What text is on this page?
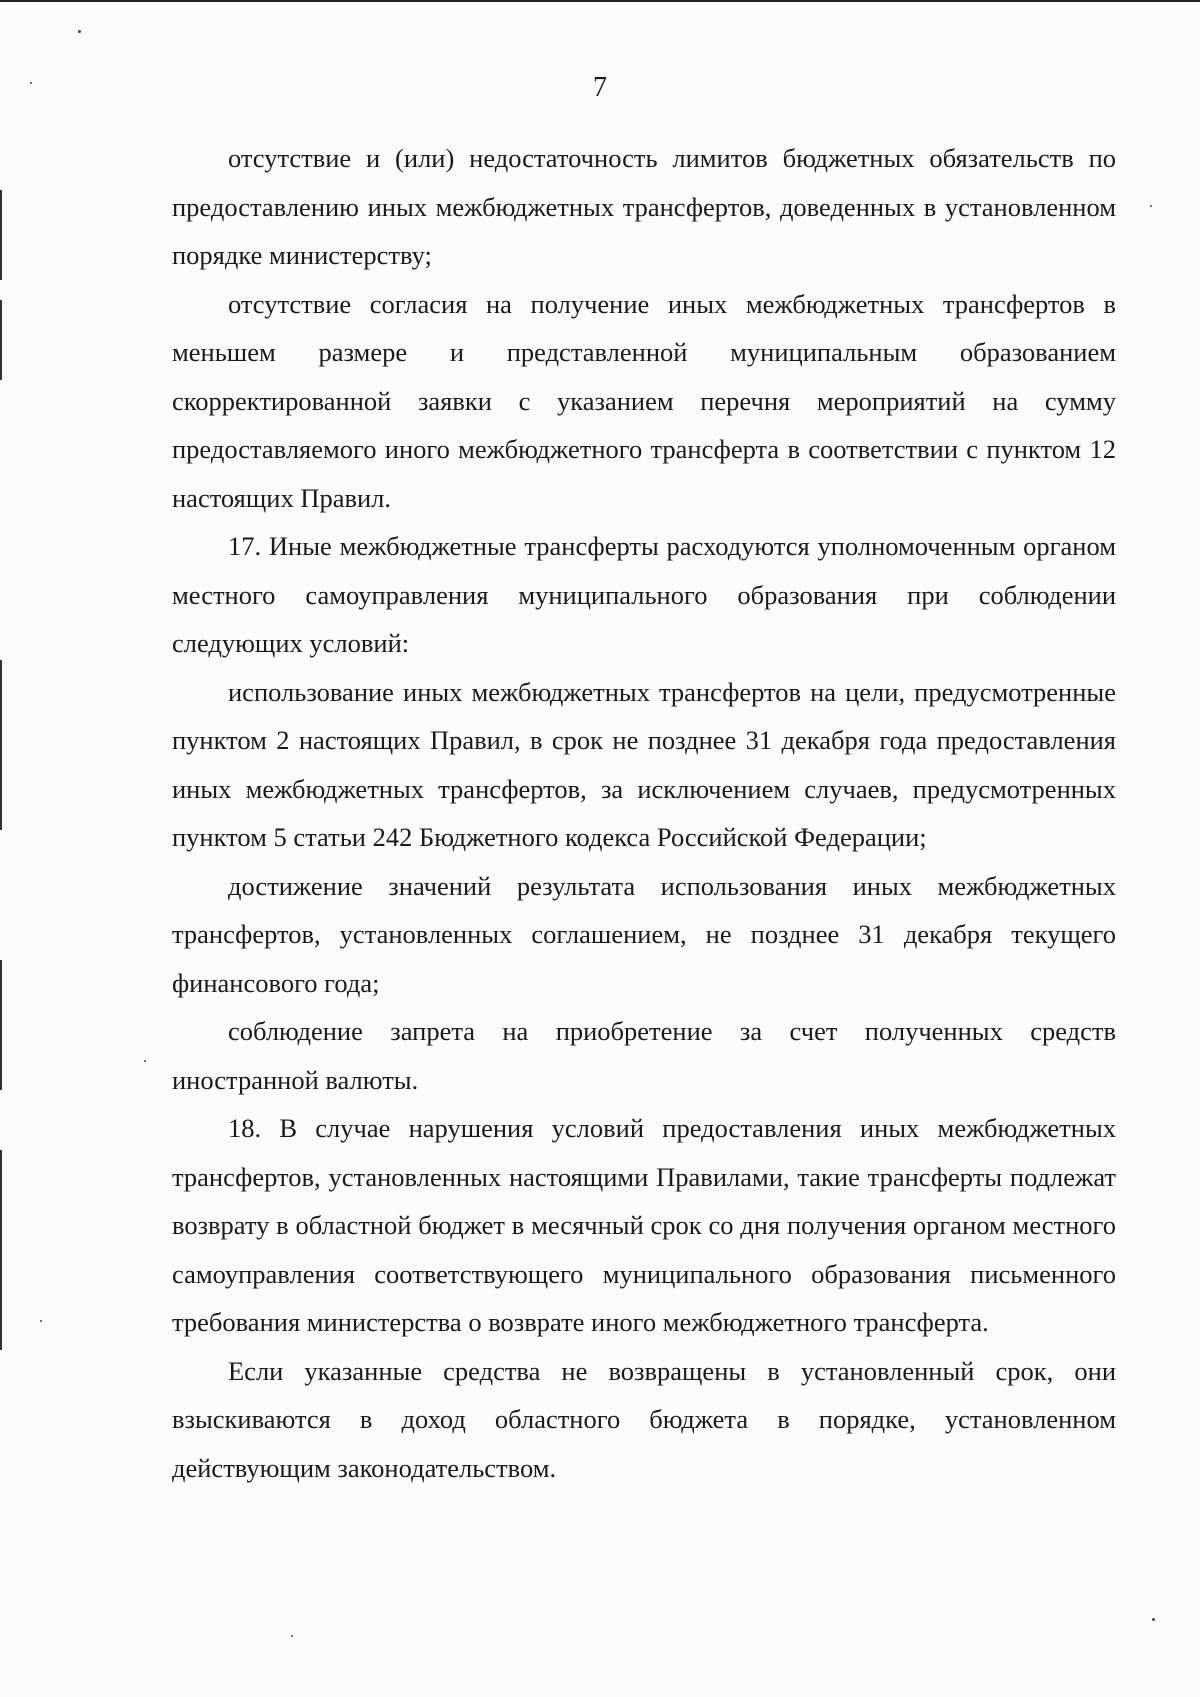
7

отсутствие и (или) недостаточность лимитов бюджетных обязательств по предоставлению иных межбюджетных трансфертов, доведенных в установленном порядке министерству;

отсутствие согласия на получение иных межбюджетных трансфертов в меньшем размере и представленной муниципальным образованием скорректированной заявки с указанием перечня мероприятий на сумму предоставляемого иного межбюджетного трансферта в соответствии с пунктом 12 настоящих Правил.

17. Иные межбюджетные трансферты расходуются уполномоченным органом местного самоуправления муниципального образования при соблюдении следующих условий:

использование иных межбюджетных трансфертов на цели, предусмотренные пунктом 2 настоящих Правил, в срок не позднее 31 декабря года предоставления иных межбюджетных трансфертов, за исключением случаев, предусмотренных пунктом 5 статьи 242 Бюджетного кодекса Российской Федерации;

достижение значений результата использования иных межбюджетных трансфертов, установленных соглашением, не позднее 31 декабря текущего финансового года;

соблюдение запрета на приобретение за счет полученных средств иностранной валюты.

18. В случае нарушения условий предоставления иных межбюджетных трансфертов, установленных настоящими Правилами, такие трансферты подлежат возврату в областной бюджет в месячный срок со дня получения органом местного самоуправления соответствующего муниципального образования письменного требования министерства о возврате иного межбюджетного трансферта.

Если указанные средства не возвращены в установленный срок, они взыскиваются в доход областного бюджета в порядке, установленном действующим законодательством.
